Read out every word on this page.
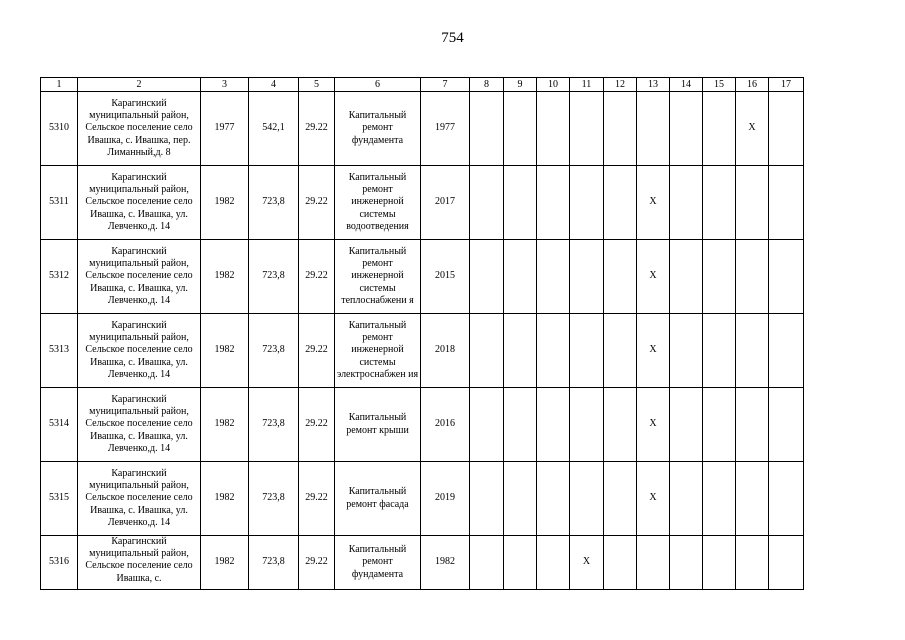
754
1	2	3	4	5	6	7	8	9	10	11	12	13	14	15	16	17
5310	Карагинский муниципальный район, Сельское поселение село Ивашка, с. Ивашка, пер. Лиманный,д. 8	1977	542,1	29.22	Капитальный ремонт фундамента	1977									X	
5311	Карагинский муниципальный район, Сельское поселение село Ивашка, с. Ивашка, ул. Левченко,д. 14	1982	723,8	29.22	Капитальный ремонт инженерной системы водоотведения	2017						X				
5312	Карагинский муниципальный район, Сельское поселение село Ивашка, с. Ивашка, ул. Левченко,д. 14	1982	723,8	29.22	Капитальный ремонт инженерной системы теплоснабжени я	2015						X				
5313	Карагинский муниципальный район, Сельское поселение село Ивашка, с. Ивашка, ул. Левченко,д. 14	1982	723,8	29.22	Капитальный ремонт инженерной системы электроснабжен ия	2018						X				
5314	Карагинский муниципальный район, Сельское поселение село Ивашка, с. Ивашка, ул. Левченко,д. 14	1982	723,8	29.22	Капитальный ремонт крыши	2016						X				
5315	Карагинский муниципальный район, Сельское поселение село Ивашка, с. Ивашка, ул. Левченко,д. 14	1982	723,8	29.22	Капитальный ремонт фасада	2019						X				
5316	Карагинский муниципальный район, Сельское поселение село Ивашка, с.	1982	723,8	29.22	Капитальный ремонт фундамента	1982				X						
